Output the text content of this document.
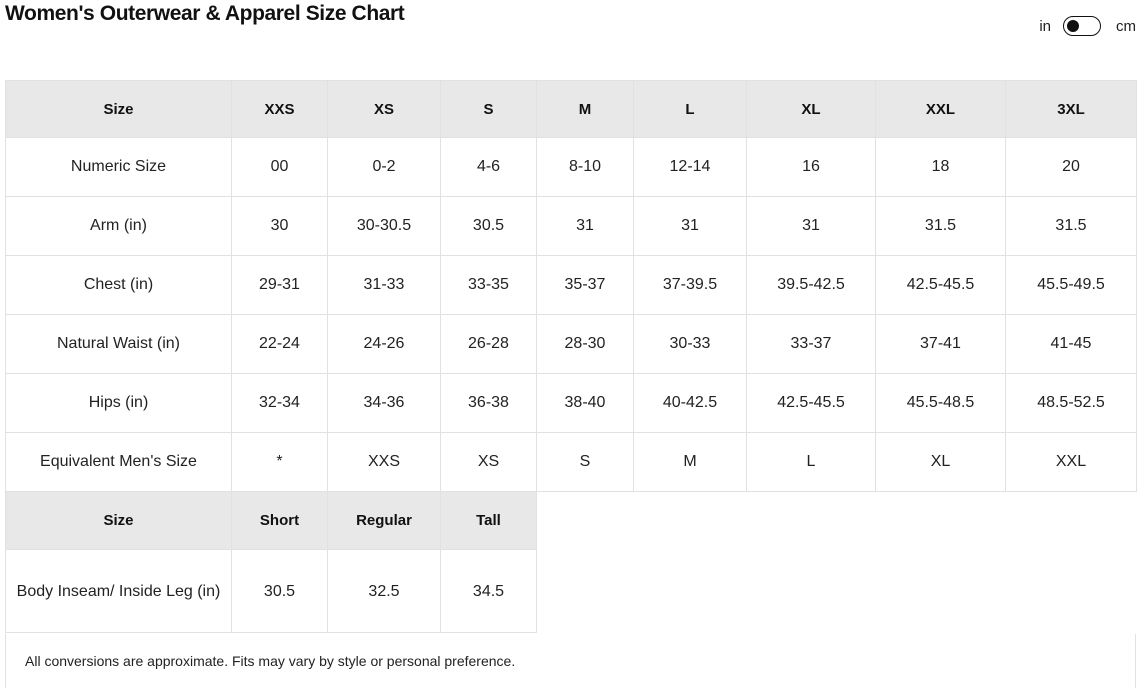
Women's Outerwear & Apparel Size Chart
in	cm
Size	XXS	XS	S	M	L	XL	XXL	3XL
Numeric Size	00	0-2	4-6	8-10	12-14	16	18	20
Arm (in)	30	30-30.5	30.5	31	31	31	31.5	31.5
Chest (in)	29-31	31-33	33-35	35-37	37-39.5	39.5-42.5	42.5-45.5	45.5-49.5
Natural Waist (in)	22-24	24-26	26-28	28-30	30-33	33-37	37-41	41-45
Hips (in)	32-34	34-36	36-38	38-40	40-42.5	42.5-45.5	45.5-48.5	48.5-52.5
Equivalent Men's Size	*	XXS	XS	S	M	L	XL	XXL
Size	Short	Regular	Tall					
Body Inseam/ Inside Leg (in)	30.5	32.5	34.5					
All conversions are approximate. Fits may vary by style or personal preference.
